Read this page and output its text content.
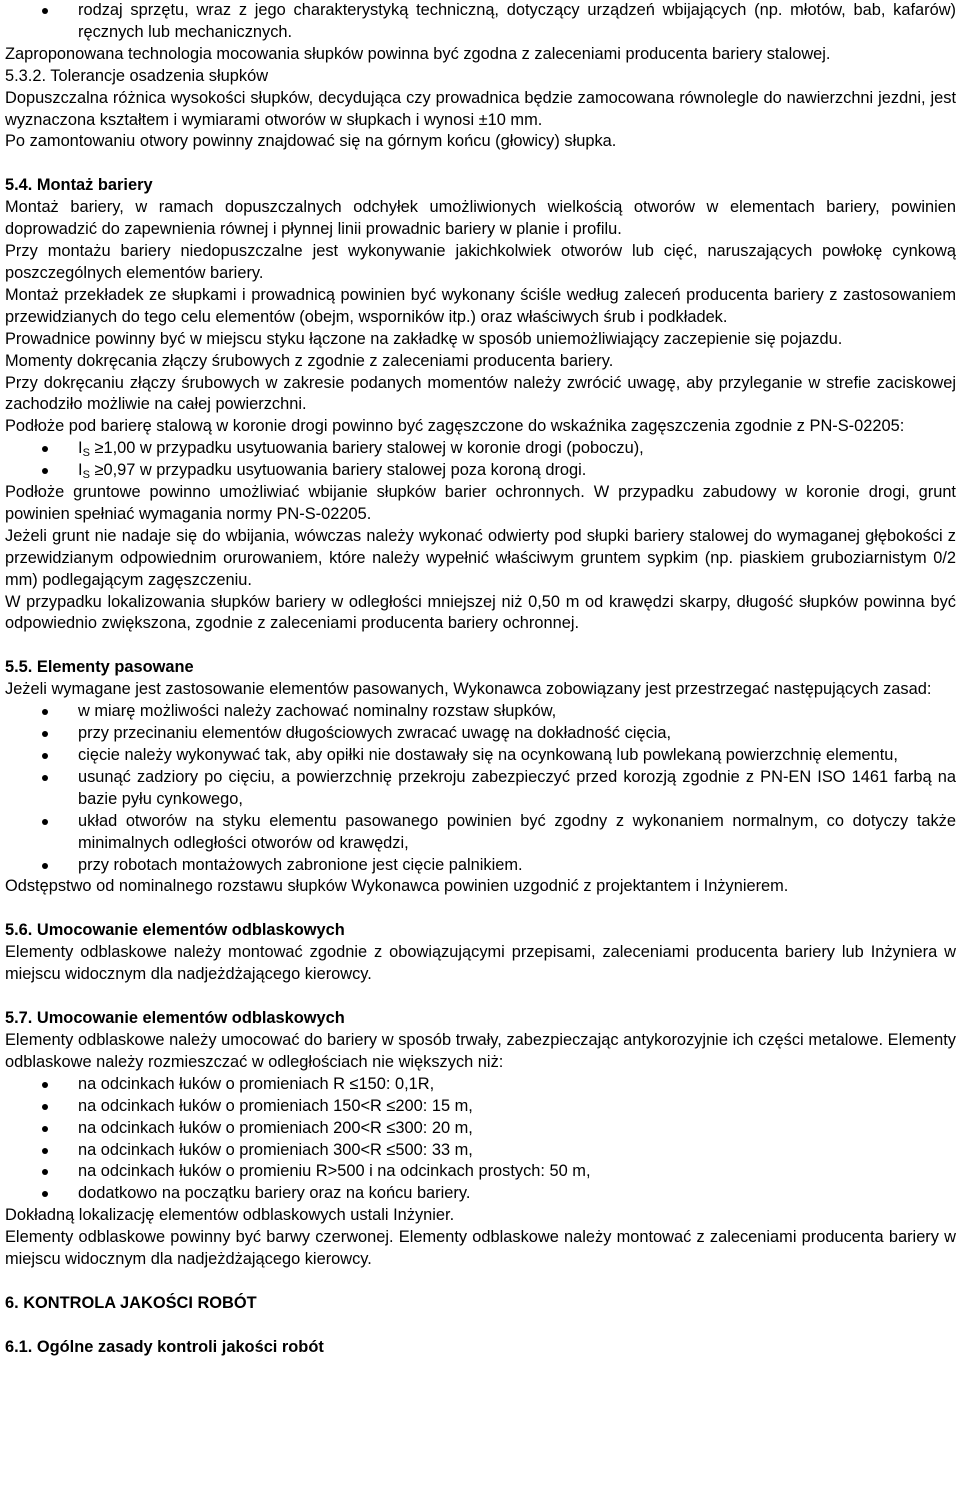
rodzaj sprzętu, wraz z jego charakterystyką techniczną, dotyczący urządzeń wbijających (np. młotów, bab, kafarów) ręcznych lub mechanicznych.

Zaproponowana technologia mocowania słupków powinna być zgodna z zaleceniami producenta bariery stalowej.

5.3.2. Tolerancje osadzenia słupków

Dopuszczalna różnica wysokości słupków, decydująca czy prowadnica będzie zamocowana równolegle do nawierzchni jezdni, jest wyznaczona kształtem i wymiarami otworów w słupkach i wynosi ±10 mm.

Po zamontowaniu otwory powinny znajdować się na górnym końcu (głowicy) słupka.

5.4. Montaż bariery

Montaż bariery, w ramach dopuszczalnych odchyłek umożliwionych wielkością otworów w elementach bariery, powinien doprowadzić do zapewnienia równej i płynnej linii prowadnic bariery w planie i profilu.

Przy montażu bariery niedopuszczalne jest wykonywanie jakichkolwiek otworów lub cięć, naruszających powłokę cynkową poszczególnych elementów bariery.

Montaż przekładek ze słupkami i prowadnicą powinien być wykonany ściśle według zaleceń producenta bariery z zastosowaniem przewidzianych do tego celu elementów (obejm, wsporników itp.) oraz właściwych śrub i podkładek.

Prowadnice powinny być w miejscu styku łączone na zakładkę w sposób uniemożliwiający zaczepienie się pojazdu.

Momenty dokręcania złączy śrubowych z zgodnie z zaleceniami producenta bariery.

Przy dokręcaniu złączy śrubowych w zakresie podanych momentów należy zwrócić uwagę, aby przyleganie w strefie zaciskowej zachodziło możliwie na całej powierzchni.

Podłoże pod barierę stalową w koronie drogi powinno być zagęszczone do wskaźnika zagęszczenia zgodnie z PN-S-02205:

$I_S \ge 1,00$ w przypadku usytuowania bariery stalowej w koronie drogi (poboczu),
$I_S \ge 0,97$ w przypadku usytuowania bariery stalowej poza koroną drogi.

Podłoże gruntowe powinno umożliwiać wbijanie słupków barier ochronnych. W przypadku zabudowy w koronie drogi, grunt powinien spełniać wymagania normy PN-S-02205.

Jeżeli grunt nie nadaje się do wbijania, wówczas należy wykonać odwierty pod słupki bariery stalowej do wymaganej głębokości z przewidzianym odpowiednim orurowaniem, które należy wypełnić właściwym gruntem sypkim (np. piaskiem gruboziarnistym 0/2 mm) podlegającym zagęszczeniu.

W przypadku lokalizowania słupków bariery w odległości mniejszej niż 0,50 m od krawędzi skarpy, długość słupków powinna być odpowiednio zwiększona, zgodnie z zaleceniami producenta bariery ochronnej.

5.5. Elementy pasowane

Jeżeli wymagane jest zastosowanie elementów pasowanych, Wykonawca zobowiązany jest przestrzegać następujących zasad:

w miarę możliwości należy zachować nominalny rozstaw słupków,
przy przecinaniu elementów długościowych zwracać uwagę na dokładność cięcia,
cięcie należy wykonywać tak, aby opiłki nie dostawały się na ocynkowaną lub powlekaną powierzchnię elementu,
usunąć zadziory po cięciu, a powierzchnię przekroju zabezpieczyć przed korozją zgodnie z PN-EN ISO 1461 farbą na bazie pyłu cynkowego,
układ otworów na styku elementu pasowanego powinien być zgodny z wykonaniem normalnym, co dotyczy także minimalnych odległości otworów od krawędzi,
przy robotach montażowych zabronione jest cięcie palnikiem.

Odstępstwo od nominalnego rozstawu słupków Wykonawca powinien uzgodnić z projektantem i Inżynierem.

5.6. Umocowanie elementów odblaskowych

Elementy odblaskowe należy montować zgodnie z obowiązującymi przepisami, zaleceniami producenta bariery lub Inżyniera w miejscu widocznym dla nadjeżdżającego kierowcy.

5.7. Umocowanie elementów odblaskowych

Elementy odblaskowe należy umocować do bariery w sposób trwały, zabezpieczając antykorozyjnie ich części metalowe. Elementy odblaskowe należy rozmieszczać w odległościach nie większych niż:

na odcinkach łuków o promieniach R ≤150: 0,1R,
na odcinkach łuków o promieniach 150<R ≤200: 15 m,
na odcinkach łuków o promieniach 200<R ≤300: 20 m,
na odcinkach łuków o promieniach 300<R ≤500: 33 m,
na odcinkach łuków o promieniu R>500 i na odcinkach prostych: 50 m,
dodatkowo na początku bariery oraz na końcu bariery.

Dokładną lokalizację elementów odblaskowych ustali Inżynier.

Elementy odblaskowe powinny być barwy czerwonej. Elementy odblaskowe należy montować z zaleceniami producenta bariery w miejscu widocznym dla nadjeżdżającego kierowcy.

6. KONTROLA JAKOŚCI ROBÓT
6.1. Ogólne zasady kontroli jakości robót
